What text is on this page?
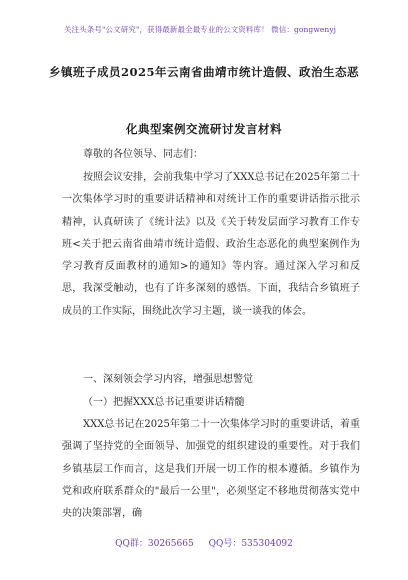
关注头条号"公文研究"，获得最新最全最专业的公文资料库！ 微信：gongwenyj
乡镇班子成员2025年云南省曲靖市统计造假、政治生态恶
化典型案例交流研讨发言材料
尊敬的各位领导、同志们：
按照会议安排，会前我集中学习了XXX总书记在2025年第二十一次集体学习时的重要讲话精神和对统计工作的重要讲话指示批示精神，认真研读了《统计法》以及《关于转发层面学习教育工作专班<关于把云南省曲靖市统计造假、政治生态恶化的典型案例作为学习教育反面教材的通知>的通知》等内容。通过深入学习和反思，我深受触动，也有了许多深刻的感悟。下面，我结合乡镇班子成员的工作实际，围绕此次学习主题，谈一谈我的体会。
一、深刻领会学习内容，增强思想警觉
（一）把握XXX总书记重要讲话精髓
XXX总书记在2025年第二十一次集体学习时的重要讲话，着重强调了坚持党的全面领导、加强党的组织建设的重要性。对于我们乡镇基层工作而言，这是我们开展一切工作的根本遵循。乡镇作为党和政府联系群众的"最后一公里"，必须坚定不移地贯彻落实党中央的决策部署，确
QQ群：30265665 QQ号：535304092
